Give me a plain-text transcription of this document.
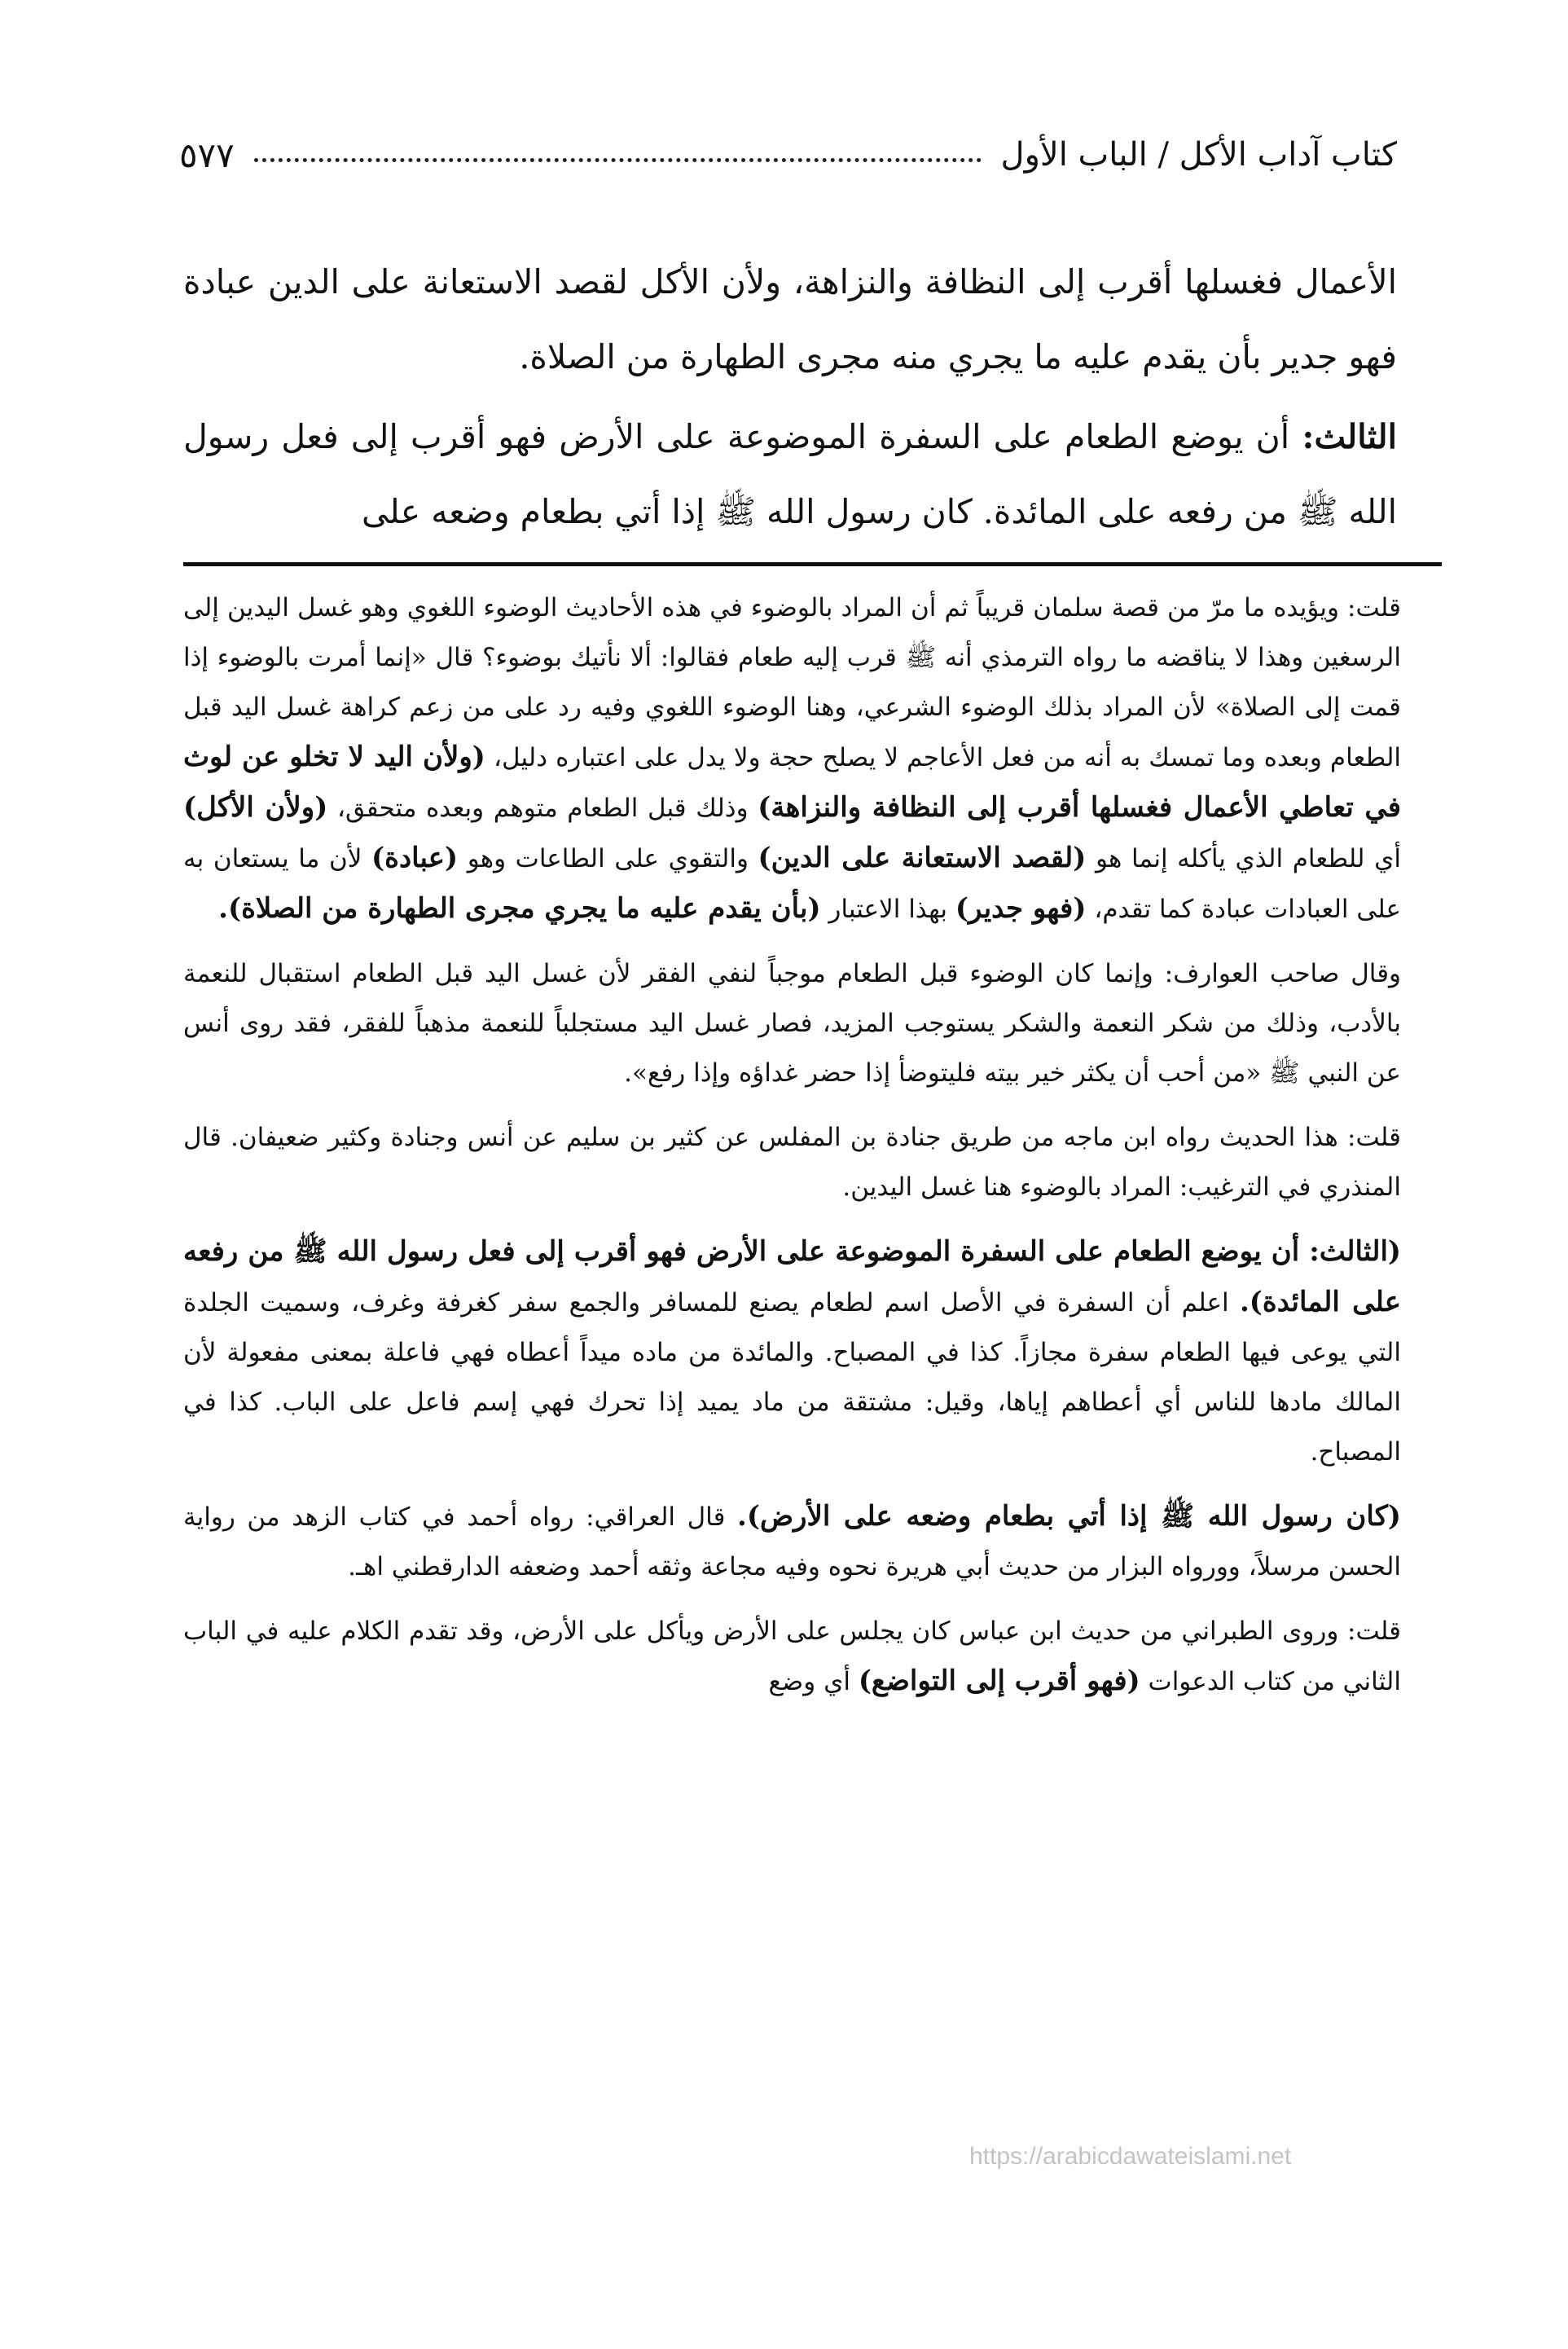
كتاب آداب الأكل / الباب الأول
٥٧٧

الأعمال فغسلها أقرب إلى النظافة والنزاهة، ولأن الأكل لقصد الاستعانة على الدين عبادة فهو جدير بأن يقدم عليه ما يجري منه مجرى الطهارة من الصلاة.

الثالث: أن يوضع الطعام على السفرة الموضوعة على الأرض فهو أقرب إلى فعل رسول الله ﷺ من رفعه على المائدة. كان رسول الله ﷺ إذا أتي بطعام وضعه على

قلت: ويؤيده ما مرّ من قصة سلمان قريباً ثم أن المراد بالوضوء في هذه الأحاديث الوضوء اللغوي وهو غسل اليدين إلى الرسغين وهذا لا يناقضه ما رواه الترمذي أنه ﷺ قرب إليه طعام فقالوا: ألا نأتيك بوضوء؟ قال «إنما أمرت بالوضوء إذا قمت إلى الصلاة» لأن المراد بذلك الوضوء الشرعي، وهنا الوضوء اللغوي وفيه رد على من زعم كراهة غسل اليد قبل الطعام وبعده وما تمسك به أنه من فعل الأعاجم لا يصلح حجة ولا يدل على اعتباره دليل، (ولأن اليد لا تخلو عن لوث في تعاطي الأعمال فغسلها أقرب إلى النظافة والنزاهة) وذلك قبل الطعام متوهم وبعده متحقق، (ولأن الأكل) أي للطعام الذي يأكله إنما هو (لقصد الاستعانة على الدين) والتقوي على الطاعات وهو (عبادة) لأن ما يستعان به على العبادات عبادة كما تقدم، (فهو جدير) بهذا الاعتبار (بأن يقدم عليه ما يجري مجرى الطهارة من الصلاة).

وقال صاحب العوارف: وإنما كان الوضوء قبل الطعام موجباً لنفي الفقر لأن غسل اليد قبل الطعام استقبال للنعمة بالأدب، وذلك من شكر النعمة والشكر يستوجب المزيد، فصار غسل اليد مستجلباً للنعمة مذهباً للفقر، فقد روى أنس عن النبي ﷺ «من أحب أن يكثر خير بيته فليتوضأ إذا حضر غداؤه وإذا رفع».

قلت: هذا الحديث رواه ابن ماجه من طريق جنادة بن المفلس عن كثير بن سليم عن أنس وجنادة وكثير ضعيفان. قال المنذري في الترغيب: المراد بالوضوء هنا غسل اليدين.

(الثالث: أن يوضع الطعام على السفرة الموضوعة على الأرض فهو أقرب إلى فعل رسول الله ﷺ من رفعه على المائدة). اعلم أن السفرة في الأصل اسم لطعام يصنع للمسافر والجمع سفر كغرفة وغرف، وسميت الجلدة التي يوعى فيها الطعام سفرة مجازاً. كذا في المصباح. والمائدة من ماده ميداً أعطاه فهي فاعلة بمعنى مفعولة لأن المالك مادها للناس أي أعطاهم إياها، وقيل: مشتقة من ماد يميد إذا تحرك فهي إسم فاعل على الباب. كذا في المصباح.

(كان رسول الله ﷺ إذا أتي بطعام وضعه على الأرض). قال العراقي: رواه أحمد في كتاب الزهد من رواية الحسن مرسلاً، وورواه البزار من حديث أبي هريرة نحوه وفيه مجاعة وثقه أحمد وضعفه الدارقطني اهـ.

قلت: وروى الطبراني من حديث ابن عباس كان يجلس على الأرض ويأكل على الأرض، وقد تقدم الكلام عليه في الباب الثاني من كتاب الدعوات (فهو أقرب إلى التواضع) أي وضع

https://arabicdawateislami.net
